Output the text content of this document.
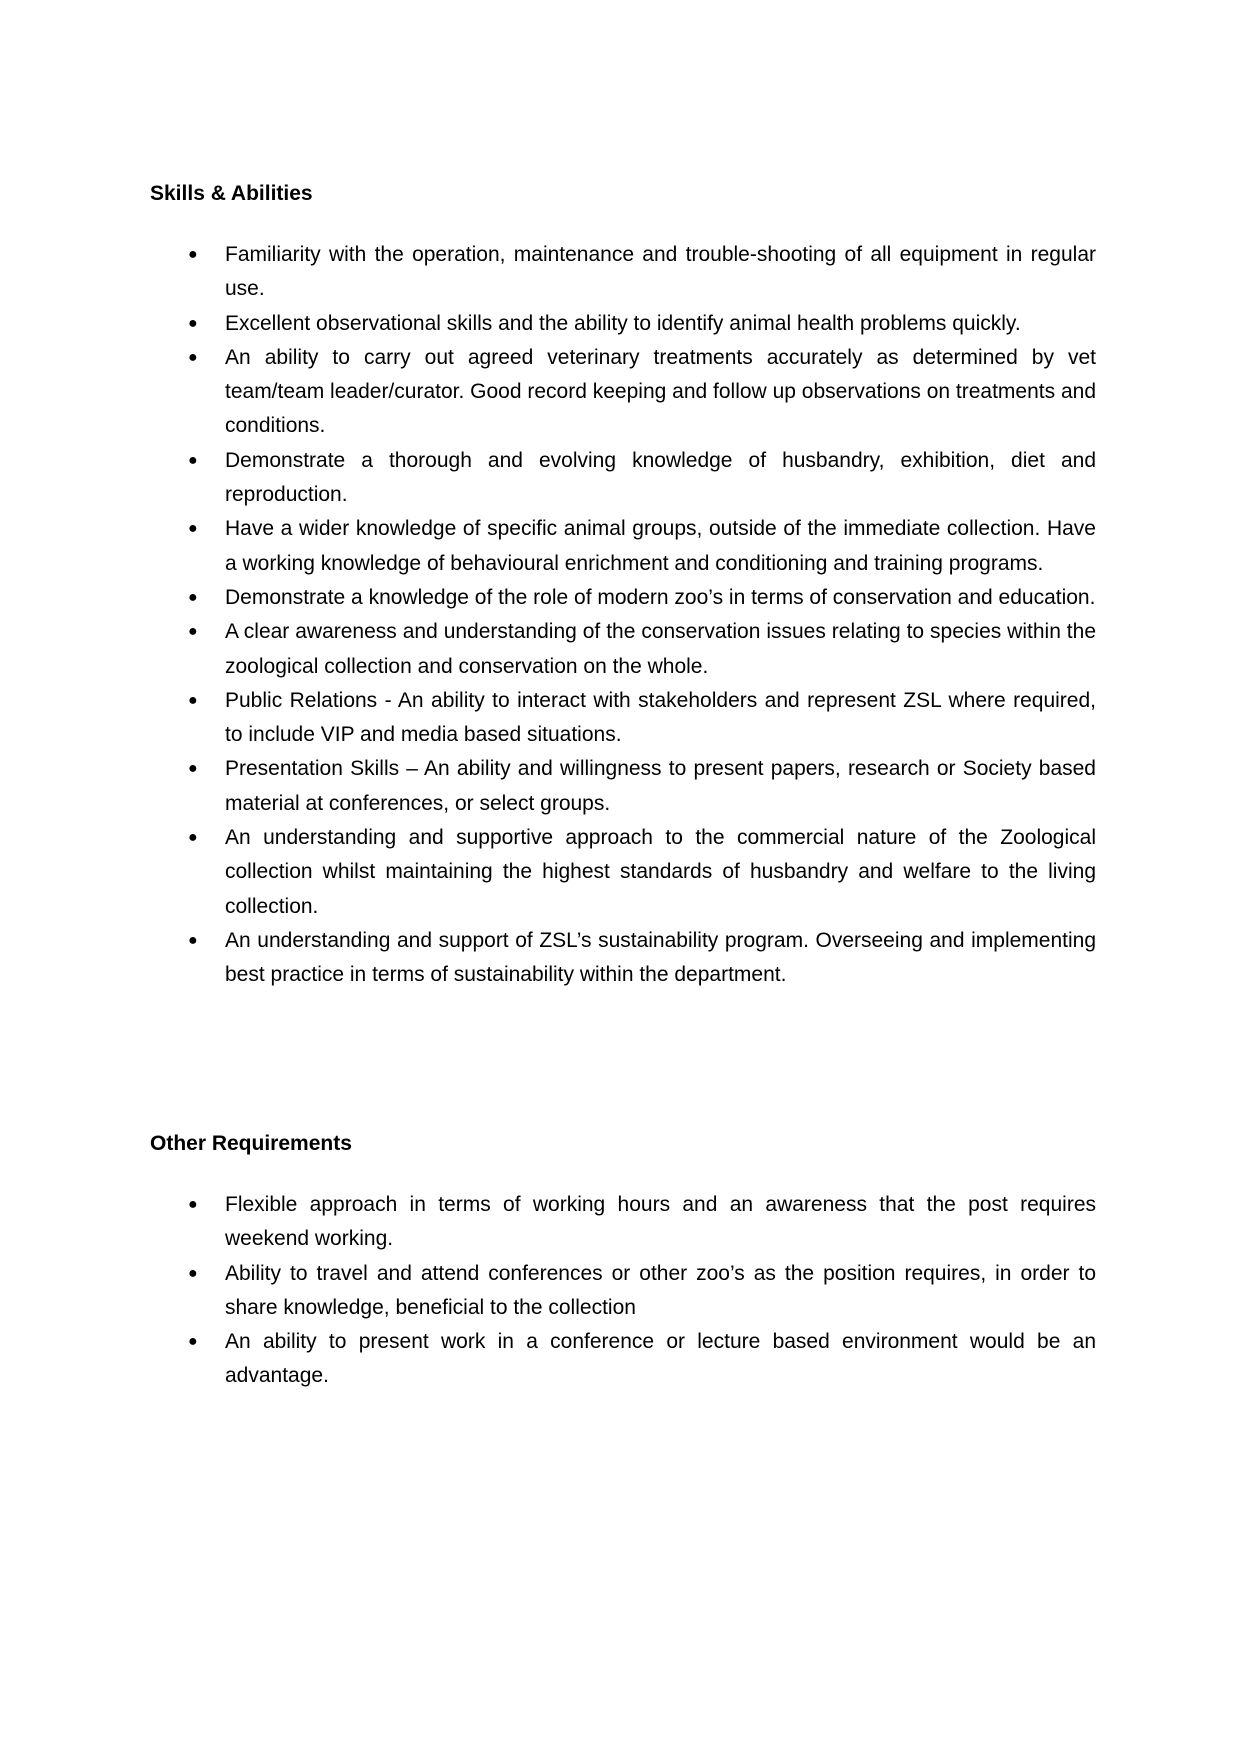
Skills & Abilities
● Familiarity with the operation, maintenance and trouble-shooting of all equipment in regular use.
● Excellent observational skills and the ability to identify animal health problems quickly.
● An ability to carry out agreed veterinary treatments accurately as determined by vet team/team leader/curator. Good record keeping and follow up observations on treatments and conditions.
● Demonstrate a thorough and evolving knowledge of husbandry, exhibition, diet and reproduction.
● Have a wider knowledge of specific animal groups, outside of the immediate collection. Have a working knowledge of behavioural enrichment and conditioning and training programs.
● Demonstrate a knowledge of the role of modern zoo’s in terms of conservation and education.
● A clear awareness and understanding of the conservation issues relating to species within the zoological collection and conservation on the whole.
● Public Relations - An ability to interact with stakeholders and represent ZSL where required, to include VIP and media based situations.
● Presentation Skills – An ability and willingness to present papers, research or Society based material at conferences, or select groups.
● An understanding and supportive approach to the commercial nature of the Zoological collection whilst maintaining the highest standards of husbandry and welfare to the living collection.
● An understanding and support of ZSL’s sustainability program. Overseeing and implementing best practice in terms of sustainability within the department.
Other Requirements
● Flexible approach in terms of working hours and an awareness that the post requires weekend working.
● Ability to travel and attend conferences or other zoo’s as the position requires, in order to share knowledge, beneficial to the collection
● An ability to present work in a conference or lecture based environment would be an advantage.
